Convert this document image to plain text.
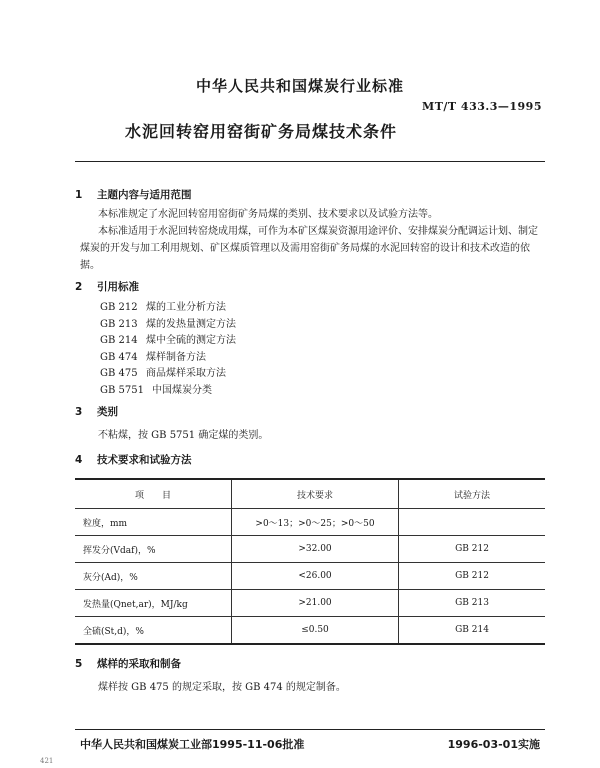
中华人民共和国煤炭行业标准
MT/T 433.3—1995
水泥回转窑用窑街矿务局煤技术条件
1 主题内容与适用范围
本标准规定了水泥回转窑用窑街矿务局煤的类别、技术要求以及试验方法等。
本标准适用于水泥回转窑烧成用煤，可作为本矿区煤炭资源用途评价、安排煤炭分配调运计划、制定煤炭的开发与加工利用规划、矿区煤质管理以及需用窑街矿务局煤的水泥回转窑的设计和技术改造的依据。
2 引用标准
GB 212 煤的工业分析方法
GB 213 煤的发热量测定方法
GB 214 煤中全硫的测定方法
GB 474 煤样制备方法
GB 475 商品煤样采取方法
GB 5751 中国煤炭分类
3 类别
不粘煤，按 GB 5751 确定煤的类别。
4 技术要求和试验方法
项　　目	技术要求	试验方法
粒度，mm	>0～13；>0～25；>0～50	
挥发分(Vdaf)，%	>32.00	GB 212
灰分(Ad)，%	<26.00	GB 212
发热量(Qnet,ar)，MJ/kg	>21.00	GB 213
全硫(St,d)，%	≤0.50	GB 214
5 煤样的采取和制备
煤样按 GB 475 的规定采取，按 GB 474 的规定制备。
中华人民共和国煤炭工业部1995-11-06批准	1996-03-01实施
421
